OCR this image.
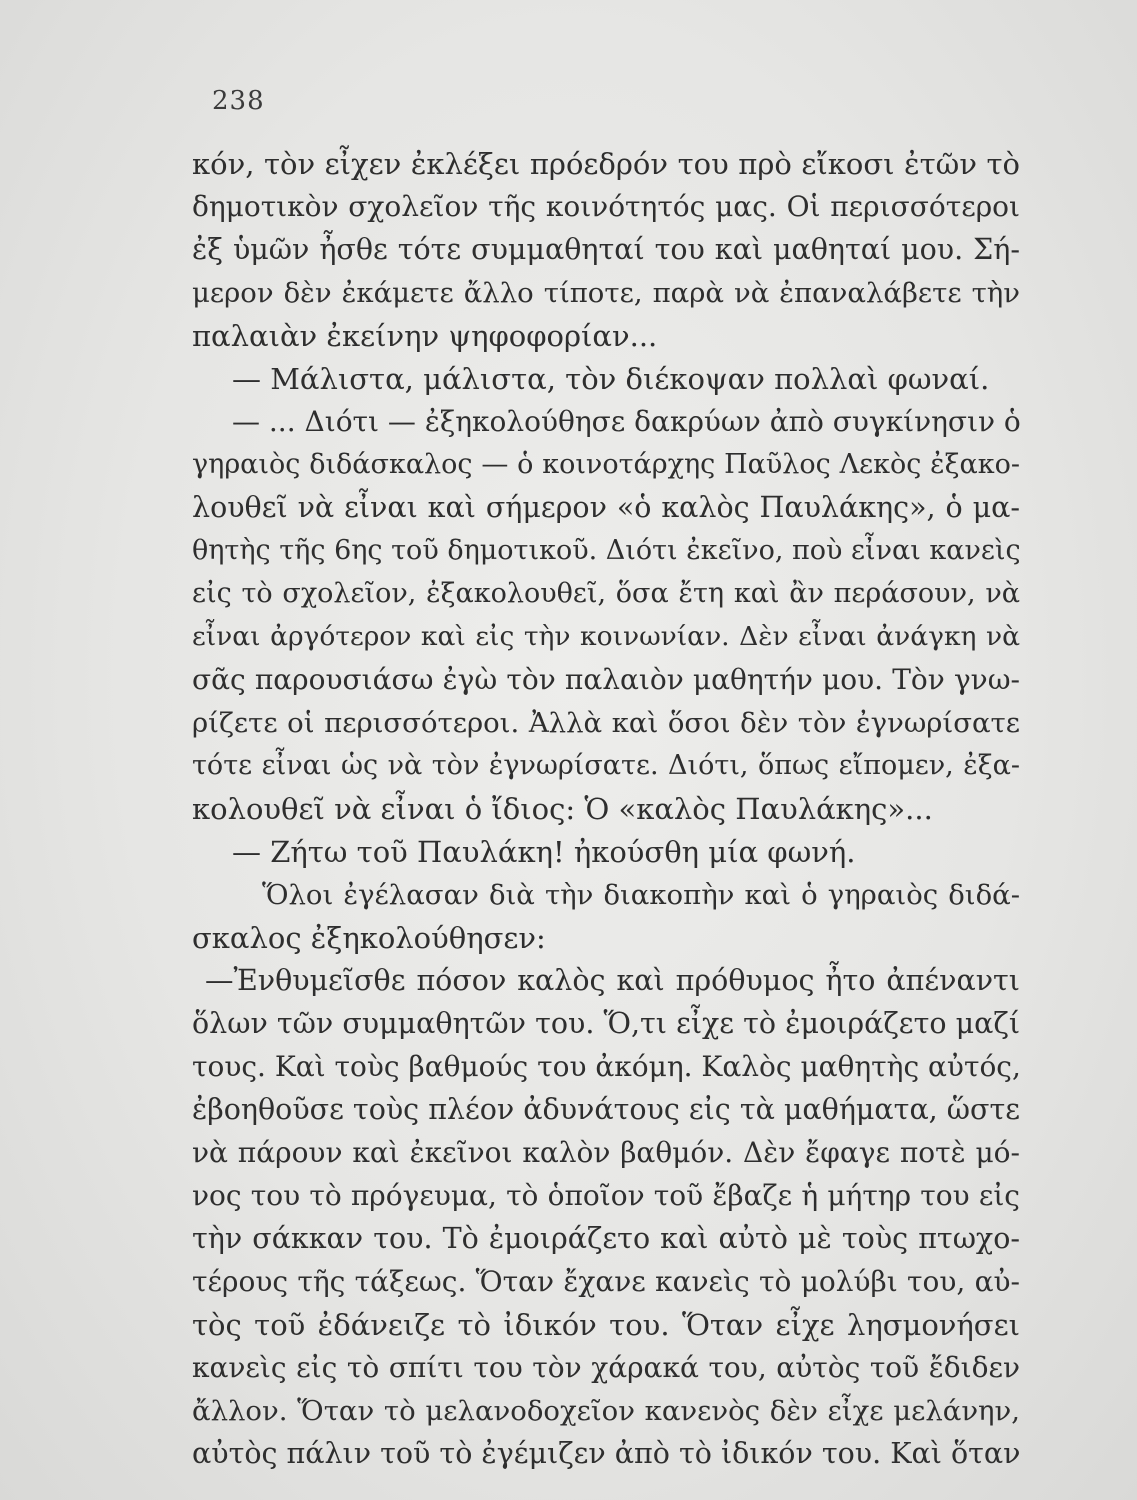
238
κόν, τὸν εἶχεν ἐκλέξει πρόεδρόν του πρὸ εἴκοσι ἐτῶν τὸ
δημοτικὸν σχολεῖον τῆς κοινότητός μας. Οἱ περισσότεροι
ἐξ ὑμῶν ἦσθε τότε συμμαθηταί του καὶ μαθηταί μου. Σή-
μερον δὲν ἐκάμετε ἄλλο τίποτε, παρὰ νὰ ἐπαναλάβετε τὴν
παλαιὰν ἐκείνην ψηφοφορίαν...
— Μάλιστα, μάλιστα, τὸν διέκοψαν πολλαὶ φωναί.
— ... Διότι — ἐξηκολούθησε δακρύων ἀπὸ συγκίνησιν ὁ
γηραιὸς διδάσκαλος — ὁ κοινοτάρχης Παῦλος Λεκὸς ἐξακο-
λουθεῖ νὰ εἶναι καὶ σήμερον «ὁ καλὸς Παυλάκης», ὁ μα-
θητὴς τῆς 6ης τοῦ δημοτικοῦ. Διότι ἐκεῖνο, ποὺ εἶναι κανεὶς
εἰς τὸ σχολεῖον, ἐξακολουθεῖ, ὅσα ἔτη καὶ ἂν περάσουν, νὰ
εἶναι ἀργότερον καὶ εἰς τὴν κοινωνίαν. Δὲν εἶναι ἀνάγκη νὰ
σᾶς παρουσιάσω ἐγὼ τὸν παλαιὸν μαθητήν μου. Τὸν γνω-
ρίζετε οἱ περισσότεροι. Ἀλλὰ καὶ ὅσοι δὲν τὸν ἐγνωρίσατε
τότε εἶναι ὡς νὰ τὸν ἐγνωρίσατε. Διότι, ὅπως εἴπομεν, ἐξα-
κολουθεῖ νὰ εἶναι ὁ ἴδιος: Ὁ «καλὸς Παυλάκης»...
— Ζήτω τοῦ Παυλάκη! ἠκούσθη μία φωνή.
Ὅλοι ἐγέλασαν διὰ τὴν διακοπὴν καὶ ὁ γηραιὸς διδά-
σκαλος ἐξηκολούθησεν:
—Ἐνθυμεῖσθε πόσον καλὸς καὶ πρόθυμος ἦτο ἀπέναντι
ὅλων τῶν συμμαθητῶν του. Ὅ,τι εἶχε τὸ ἐμοιράζετο μαζί
τους. Καὶ τοὺς βαθμούς του ἀκόμη. Καλὸς μαθητὴς αὐτός,
ἐβοηθοῦσε τοὺς πλέον ἀδυνάτους εἰς τὰ μαθήματα, ὥστε
νὰ πάρουν καὶ ἐκεῖνοι καλὸν βαθμόν. Δὲν ἔφαγε ποτὲ μό-
νος του τὸ πρόγευμα, τὸ ὁποῖον τοῦ ἔβαζε ἡ μήτηρ του εἰς
τὴν σάκκαν του. Τὸ ἐμοιράζετο καὶ αὐτὸ μὲ τοὺς πτωχο-
τέρους τῆς τάξεως. Ὅταν ἔχανε κανεὶς τὸ μολύβι του, αὐ-
τὸς τοῦ ἐδάνειζε τὸ ἰδικόν του. Ὅταν εἶχε λησμονήσει
κανεὶς εἰς τὸ σπίτι του τὸν χάρακά του, αὐτὸς τοῦ ἔδιδεν
ἄλλον. Ὅταν τὸ μελανοδοχεῖον κανενὸς δὲν εἶχε μελάνην,
αὐτὸς πάλιν τοῦ τὸ ἐγέμιζεν ἀπὸ τὸ ἰδικόν του. Καὶ ὅταν
